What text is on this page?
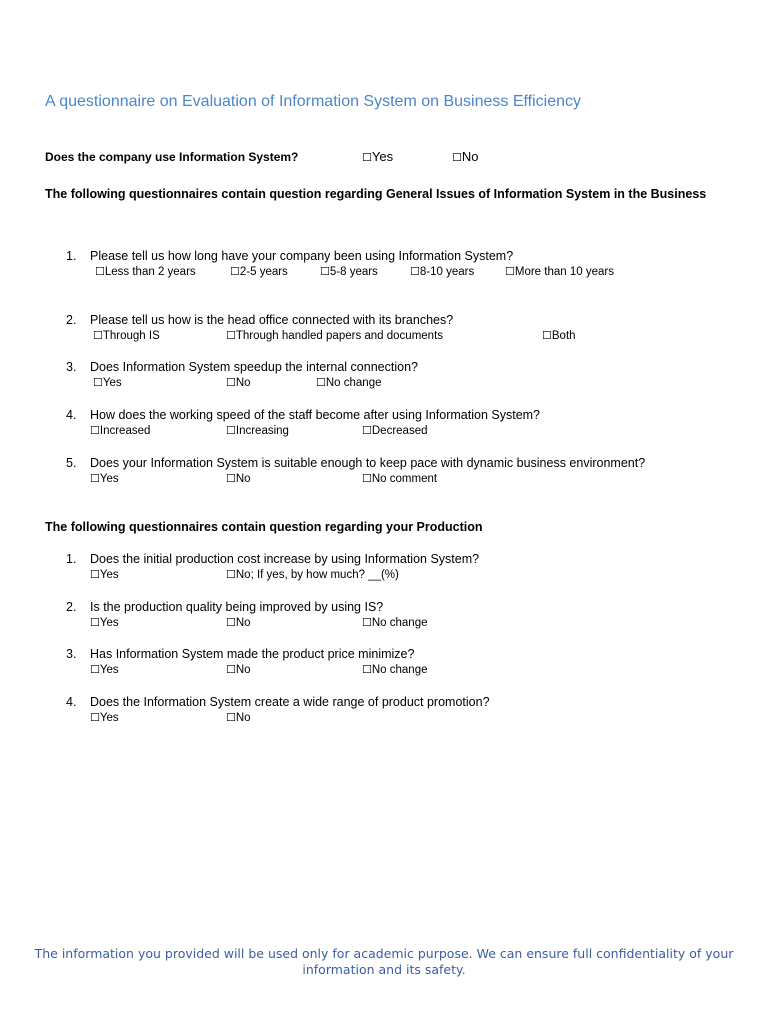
A questionnaire on Evaluation of Information System on Business Efficiency
Does the company use Information System?	☐Yes	☐No
The following questionnaires contain question regarding General Issues of Information System in the Business
1.	Please tell us how long have your company been using Information System?
☐Less than 2 years	☐2-5 years	☐5-8 years	☐8-10 years	☐More than 10 years
2.	Please tell us how is the head office connected with its branches?
☐Through IS	☐Through handled papers and documents	☐Both
3.	Does Information System speedup the internal connection?
☐Yes	☐No	☐No change
4.	How does the working speed of the staff become after using Information System?
☐Increased	☐Increasing	☐Decreased
5.	Does your Information System is suitable enough to keep pace with dynamic business environment?
☐Yes	☐No	☐No comment
The following questionnaires contain question regarding your Production
1.	Does the initial production cost increase by using Information System?
☐Yes	☐No; If yes, by how much? __(%)
2.	Is the production quality being improved by using IS?
☐Yes	☐No	☐No change
3.	Has Information System made the product price minimize?
☐Yes	☐No	☐No change
4.	Does the Information System create a wide range of product promotion?
☐Yes	☐No
The information you provided will be used only for academic purpose. We can ensure full confidentiality of your information and its safety.
